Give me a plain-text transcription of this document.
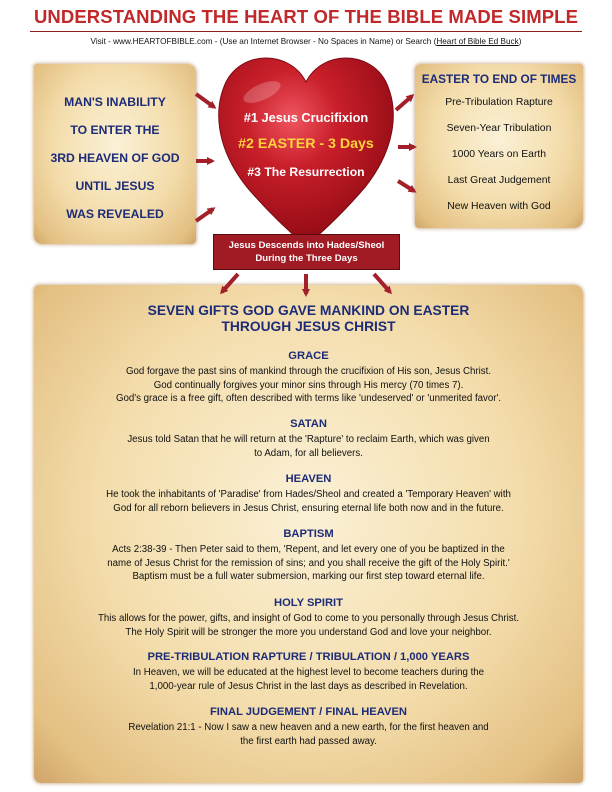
UNDERSTANDING THE HEART OF THE BIBLE MADE SIMPLE
Visit - www.HEARTOFBIBLE.com - (Use an Internet Browser - No Spaces in Name) or Search (Heart of Bible Ed Buck)
MAN'S INABILITY
TO ENTER THE
3RD HEAVEN OF GOD
UNTIL JESUS
WAS REVEALED
EASTER TO END OF TIMES
Pre-Tribulation Rapture
Seven-Year Tribulation
1000 Years on Earth
Last Great Judgement
New Heaven with God
#1 Jesus Crucifixion
#2 EASTER - 3 Days
#3 The Resurrection
Jesus Descends into Hades/Sheol
During the Three Days
SEVEN GIFTS GOD GAVE MANKIND ON EASTER
THROUGH JESUS CHRIST
GRACE
God forgave the past sins of mankind through the crucifixion of His son, Jesus Christ.
God continually forgives your minor sins through His mercy (70 times 7).
God's grace is a free gift, often described with terms like 'undeserved' or 'unmerited favor'.
SATAN
Jesus told Satan that he will return at the 'Rapture' to reclaim Earth, which was given
to Adam, for all believers.
HEAVEN
He took the inhabitants of 'Paradise' from Hades/Sheol and created a 'Temporary Heaven' with
God for all reborn believers in Jesus Christ, ensuring eternal life both now and in the future.
BAPTISM
Acts 2:38-39 - Then Peter said to them, 'Repent, and let every one of you be baptized in the
name of Jesus Christ for the remission of sins; and you shall receive the gift of the Holy Spirit.'
Baptism must be a full water submersion, marking our first step toward eternal life.
HOLY SPIRIT
This allows for the power, gifts, and insight of God to come to you personally through Jesus Christ.
The Holy Spirit will be stronger the more you understand God and love your neighbor.
PRE-TRIBULATION RAPTURE / TRIBULATION / 1,000 YEARS
In Heaven, we will be educated at the highest level to become teachers during the
1,000-year rule of Jesus Christ in the last days as described in Revelation.
FINAL JUDGEMENT / FINAL HEAVEN
Revelation 21:1 - Now I saw a new heaven and a new earth, for the first heaven and
the first earth had passed away.
